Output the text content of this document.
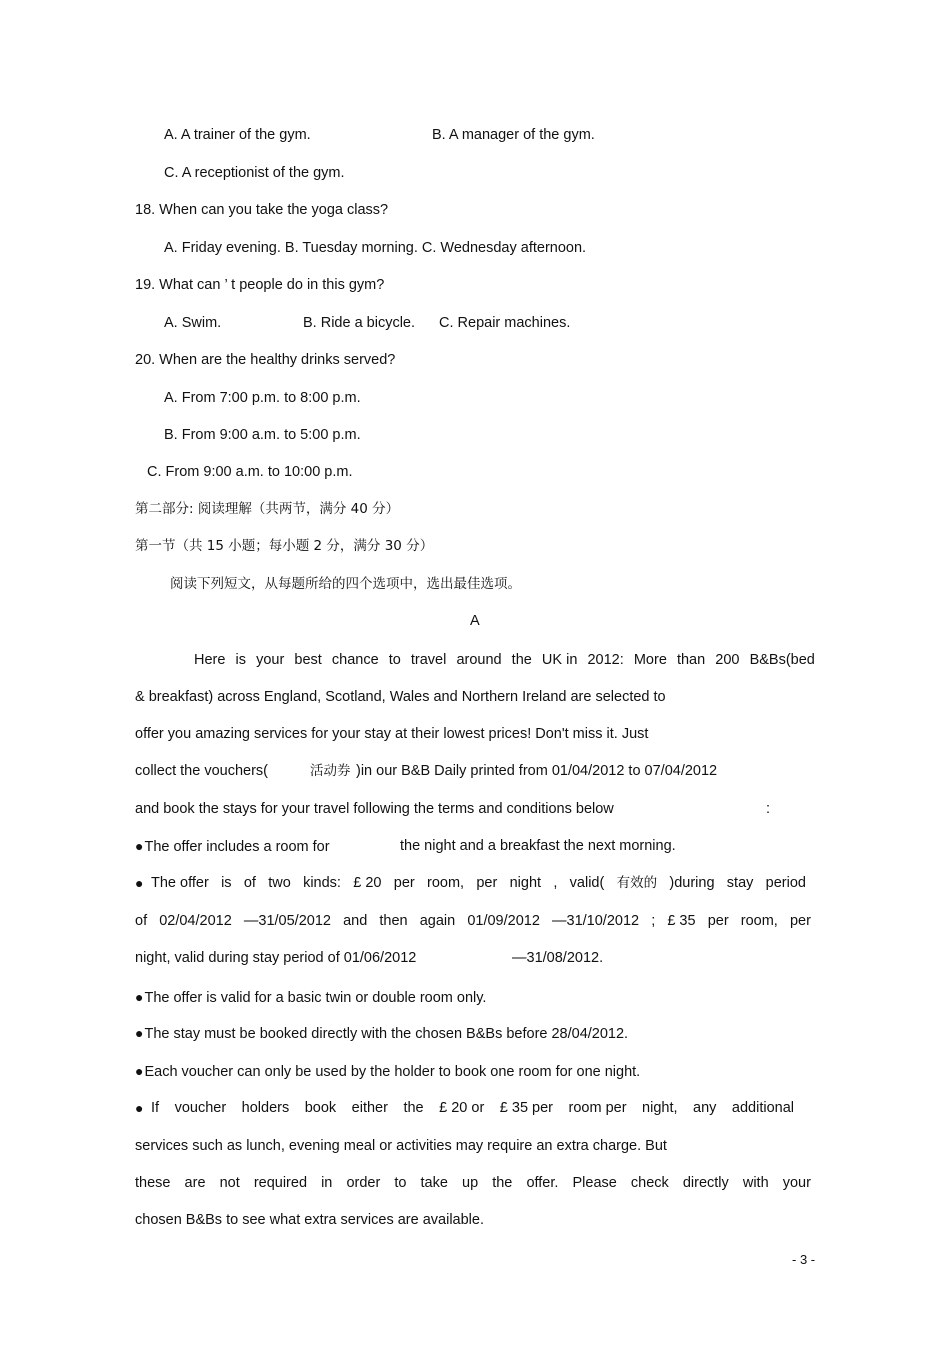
A. A trainer of the gym.	B. A manager of the gym.
C. A receptionist of the gym.
18. When can you take the yoga class?
A. Friday evening. B. Tuesday morning. C. Wednesday afternoon.
19. What can ’ t people do in this gym?
A. Swim.	B. Ride a bicycle. C. Repair machines.
20. When are the healthy drinks served?
A. From 7:00 p.m. to 8:00 p.m.
B. From 9:00 a.m. to 5:00 p.m.
C. From 9:00 a.m. to 10:00 p.m.
第二部分: 阅读理解（共两节，满分 40 分）
第一节（共 15 小题；每小题 2 分，满分 30 分）
阅读下列短文，从每题所给的四个选项中，选出最佳选项。
A
Here is your best chance to travel around the UK in 2012: More than 200 B&Bs(bed
& breakfast) across England, Scotland, Wales and Northern Ireland are selected to
offer you amazing services for your stay at their lowest prices! Don't miss it. Just
collect the vouchers(	活动券 )in our B&B Daily printed from 01/04/2012 to 07/04/2012
and book the stays for your travel following the terms and conditions below	:
●The offer includes a room for	the night and a breakfast the next morning.
● The offer is of two kinds: £ 20 per room, per night , valid( 有效的 )during stay period
of 02/04/2012 —31/05/2012 and then again 01/09/2012 —31/10/2012 ; £ 35 per room, per
night, valid during stay period of 01/06/2012	—31/08/2012.
●The offer is valid for a basic twin or double room only.
●The stay must be booked directly with the chosen B&Bs before 28/04/2012.
●Each voucher can only be used by the holder to book one room for one night.
● If voucher holders book either the £ 20 or £ 35 per room per night, any additional
services such as lunch, evening meal or activities may require an extra charge. But
these are not required in order to take up the offer. Please check directly with your
chosen B&Bs to see what extra services are available.
- 3 -
